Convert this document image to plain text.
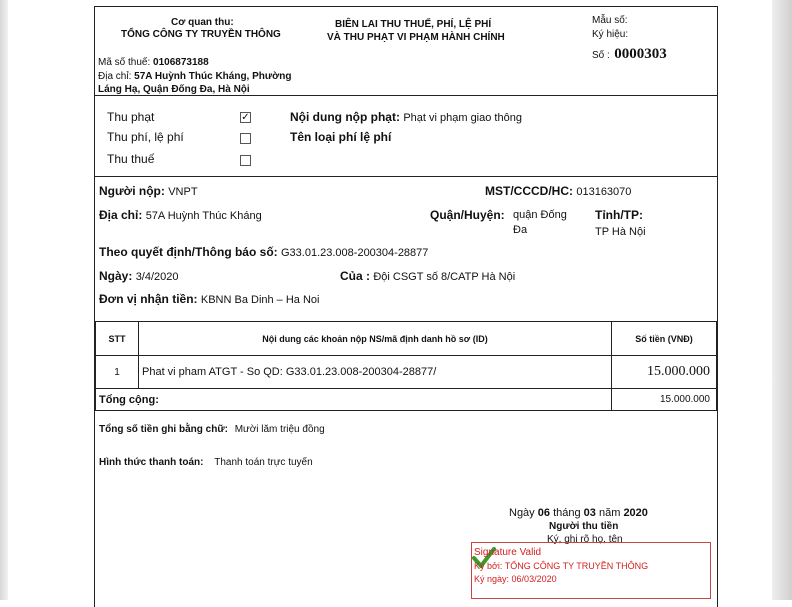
Cơ quan thu:
TỔNG CÔNG TY TRUYỀN THÔNG
Mã số thuế: 0106873188
Địa chỉ: 57A Huỳnh Thúc Kháng, Phường
Láng Hạ, Quận Đống Đa, Hà Nội
BIÊN LAI THU THUẾ, PHÍ, LỆ PHÍ
VÀ THU PHẠT VI PHẠM HÀNH CHÍNH
Mẫu số:
Ký hiệu:
Số : 0000303
Thu phạt	✓
Thu phí, lệ phí
Thu thuế
Nội dung nộp phạt: Phạt vi phạm giao thông
Tên loại phí lệ phí
Người nộp: VNPT	MST/CCCD/HC: 013163070
Địa chỉ: 57A Huỳnh Thúc Kháng	Quận/Huyện: quận Đống
Đa
Tỉnh/TP:
TP Hà Nội
Theo quyết định/Thông báo số: G33.01.23.008-200304-28877
Ngày: 3/4/2020	Của : Đội CSGT số 8/CATP Hà Nội
Đơn vị nhận tiền: KBNN Ba Dinh – Ha Noi
STT	Nội dung các khoản nộp NS/mã định danh hồ sơ (ID)	Số tiền (VNĐ)
1	Phat vi pham ATGT - So QD: G33.01.23.008-200304-28877/	15.000.000
Tổng cộng:		15.000.000
Tổng số tiền ghi bằng chữ: Mười lăm triệu đồng
Hình thức thanh toán: Thanh toán trực tuyến
Ngày 06 tháng 03 năm 2020
Người thu tiền
Ký, ghi rõ họ, tên
Signature Valid
Ký bởi: TỔNG CÔNG TY TRUYỀN THÔNG
Ký ngày: 06/03/2020
